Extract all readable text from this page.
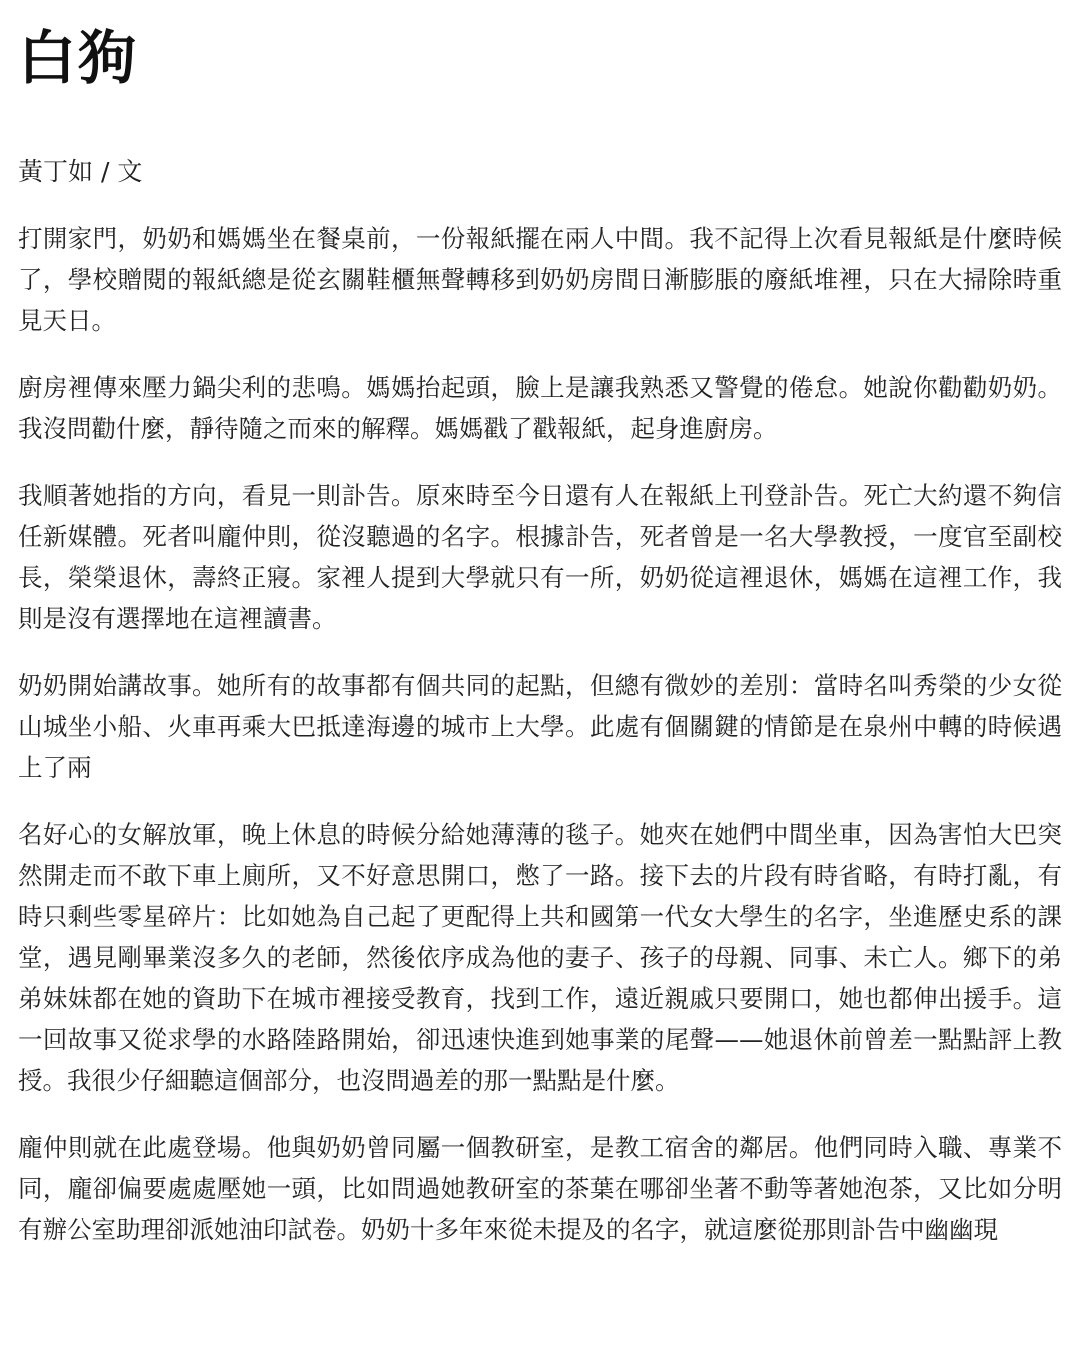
白狗

黃丁如 / 文

打開家門，奶奶和媽媽坐在餐桌前，一份報紙擺在兩人中間。我不記得上次看見報紙是什麼時候了，學校贈閱的報紙總是從玄關鞋櫃無聲轉移到奶奶房間日漸膨脹的廢紙堆裡，只在大掃除時重見天日。

廚房裡傳來壓力鍋尖利的悲鳴。媽媽抬起頭，臉上是讓我熟悉又警覺的倦怠。她說你勸勸奶奶。我沒問勸什麼，靜待隨之而來的解釋。媽媽戳了戳報紙，起身進廚房。

我順著她指的方向，看見一則訃告。原來時至今日還有人在報紙上刊登訃告。死亡大約還不夠信任新媒體。死者叫龐仲則，從沒聽過的名字。根據訃告，死者曾是一名大學教授，一度官至副校長，榮榮退休，壽終正寢。家裡人提到大學就只有一所，奶奶從這裡退休，媽媽在這裡工作，我則是沒有選擇地在這裡讀書。

奶奶開始講故事。她所有的故事都有個共同的起點，但總有微妙的差別：當時名叫秀榮的少女從山城坐小船、火車再乘大巴抵達海邊的城市上大學。此處有個關鍵的情節是在泉州中轉的時候遇上了兩

名好心的女解放軍，晚上休息的時候分給她薄薄的毯子。她夾在她們中間坐車，因為害怕大巴突然開走而不敢下車上廁所，又不好意思開口，憋了一路。接下去的片段有時省略，有時打亂，有時只剩些零星碎片：比如她為自己起了更配得上共和國第一代女大學生的名字，坐進歷史系的課堂，遇見剛畢業沒多久的老師，然後依序成為他的妻子、孩子的母親、同事、未亡人。鄉下的弟弟妹妹都在她的資助下在城市裡接受教育，找到工作，遠近親戚只要開口，她也都伸出援手。這一回故事又從求學的水路陸路開始，卻迅速快進到她事業的尾聲——她退休前曾差一點點評上教授。我很少仔細聽這個部分，也沒問過差的那一點點是什麼。

龐仲則就在此處登場。他與奶奶曾同屬一個教研室，是教工宿舍的鄰居。他們同時入職、專業不同，龐卻偏要處處壓她一頭，比如問過她教研室的茶葉在哪卻坐著不動等著她泡茶，又比如分明有辦公室助理卻派她油印試卷。奶奶十多年來從未提及的名字，就這麼從那則訃告中幽幽現
